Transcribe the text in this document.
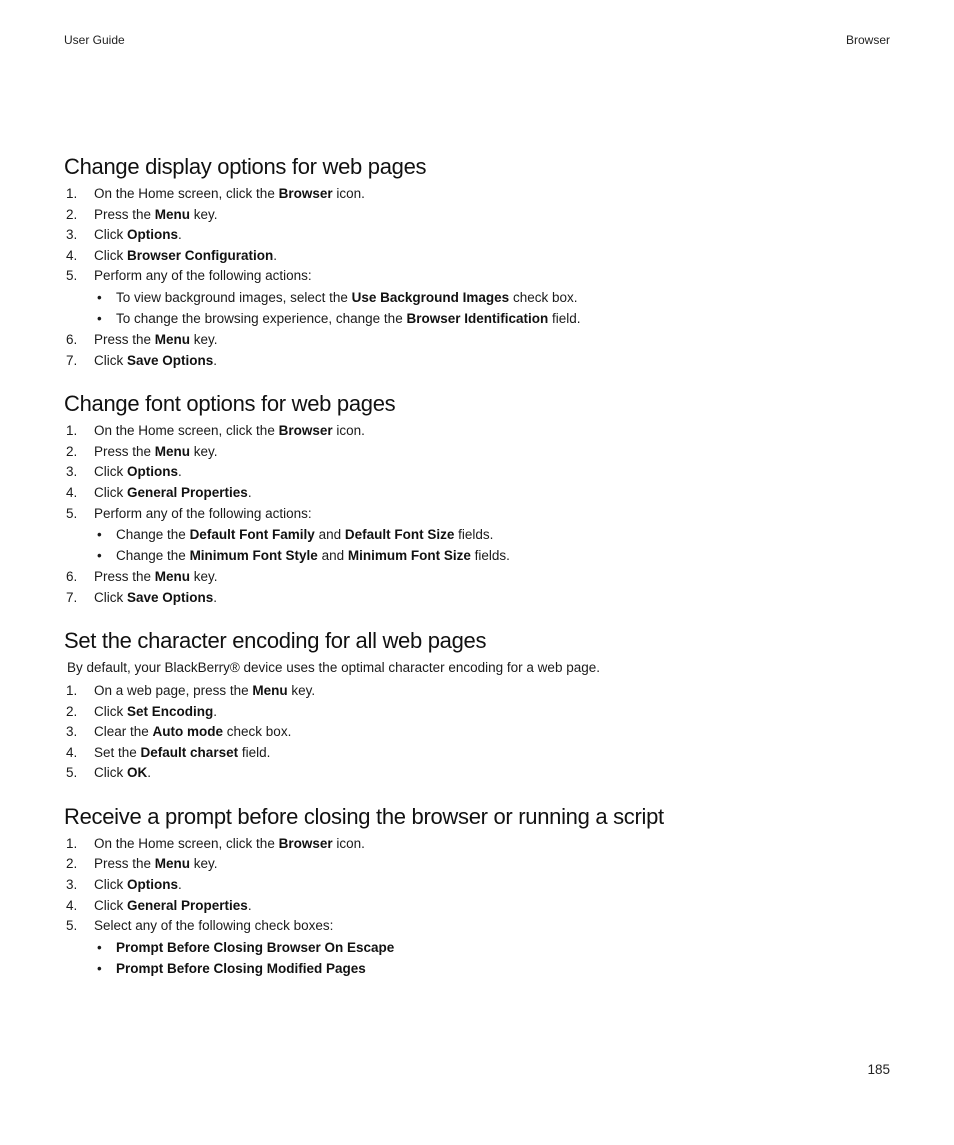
User Guide	Browser
Change display options for web pages
1. On the Home screen, click the Browser icon.
2. Press the Menu key.
3. Click Options.
4. Click Browser Configuration.
5. Perform any of the following actions:
• To view background images, select the Use Background Images check box.
• To change the browsing experience, change the Browser Identification field.
6. Press the Menu key.
7. Click Save Options.
Change font options for web pages
1. On the Home screen, click the Browser icon.
2. Press the Menu key.
3. Click Options.
4. Click General Properties.
5. Perform any of the following actions:
• Change the Default Font Family and Default Font Size fields.
• Change the Minimum Font Style and Minimum Font Size fields.
6. Press the Menu key.
7. Click Save Options.
Set the character encoding for all web pages

By default, your BlackBerry® device uses the optimal character encoding for a web page.

1. On a web page, press the Menu key.
2. Click Set Encoding.
3. Clear the Auto mode check box.
4. Set the Default charset field.
5. Click OK.
Receive a prompt before closing the browser or running a script
1. On the Home screen, click the Browser icon.
2. Press the Menu key.
3. Click Options.
4. Click General Properties.
5. Select any of the following check boxes:
• Prompt Before Closing Browser On Escape
• Prompt Before Closing Modified Pages
185
